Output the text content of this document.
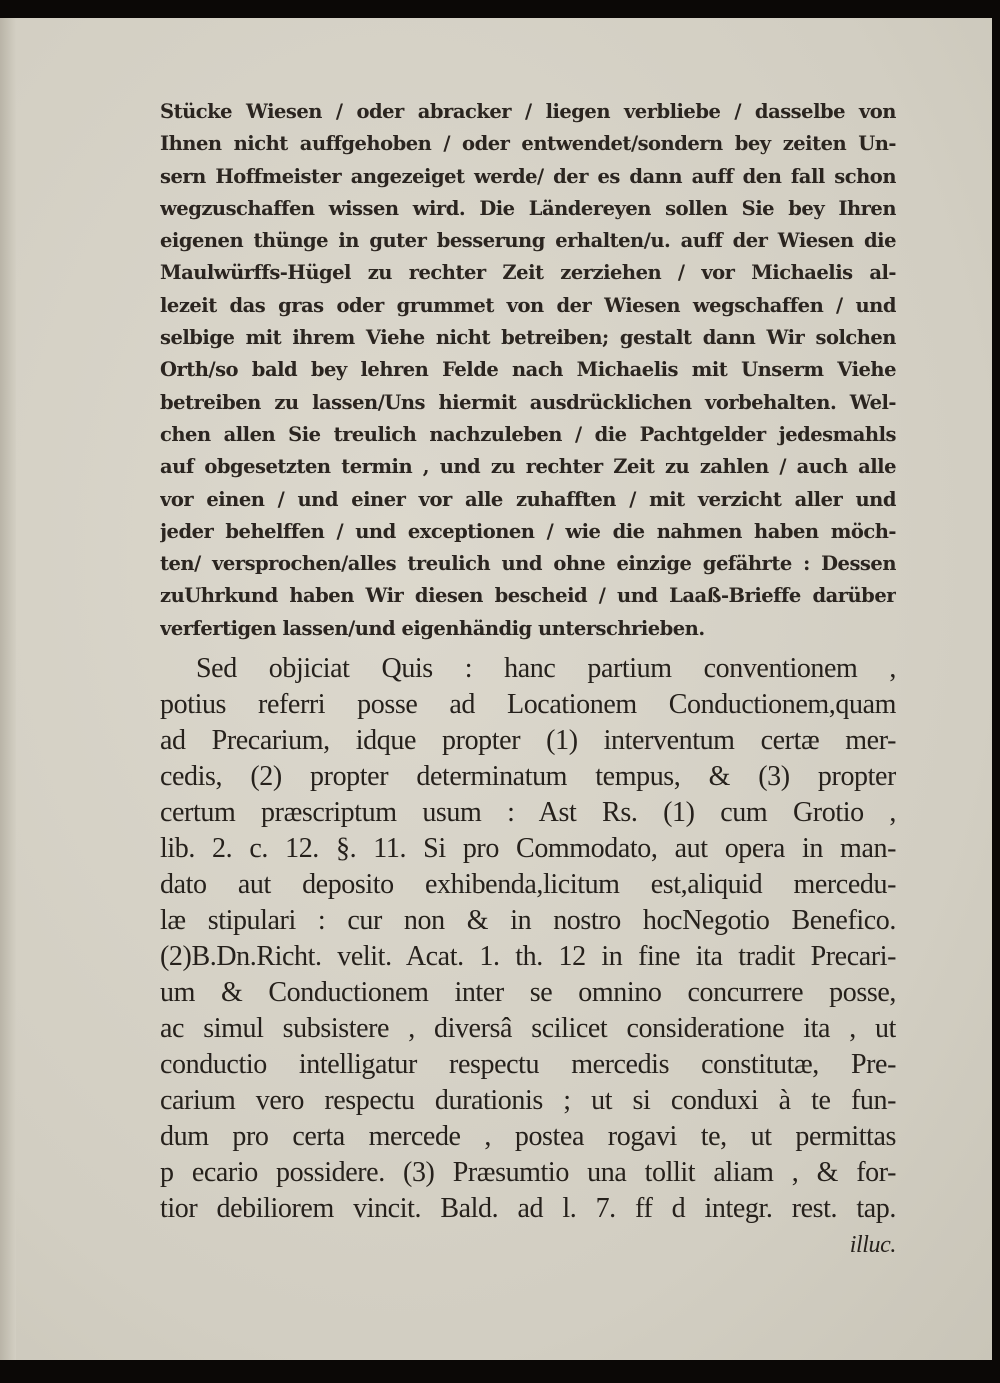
Stücke Wiesen / oder abracker / liegen verbliebe / dasselbe von
Ihnen nicht auffgehoben / oder entwendet/sondern bey zeiten Un-
sern Hoffmeister angezeiget werde/ der es dann auff den fall schon
wegzuschaffen wissen wird. Die Ländereyen sollen Sie bey Ihren
eigenen thünge in guter besserung erhalten/u. auff der Wiesen die
Maulwürffs-Hügel zu rechter Zeit zerziehen / vor Michaelis al-
lezeit das gras oder grummet von der Wiesen wegschaffen / und
selbige mit ihrem Viehe nicht betreiben; gestalt dann Wir solchen
Orth/so bald bey lehren Felde nach Michaelis mit Unserm Viehe
betreiben zu lassen/Uns hiermit ausdrücklichen vorbehalten. Wel-
chen allen Sie treulich nachzuleben / die Pachtgelder jedesmahls
auf obgesetzten termin , und zu rechter Zeit zu zahlen / auch alle
vor einen / und einer vor alle zuhafften / mit verzicht aller und
jeder behelffen / und exceptionen / wie die nahmen haben möch-
ten/ versprochen/alles treulich und ohne einzige gefährte : Dessen
zuUhrkund haben Wir diesen bescheid / und Laaß-Brieffe darüber
verfertigen lassen/und eigenhändig unterschrieben.
Sed objiciat Quis : hanc partium conventionem ,
potius referri posse ad Locationem Conductionem,quam
ad Precarium, idque propter (1) interventum certæ mer-
cedis, (2) propter determinatum tempus, & (3) propter
certum præscriptum usum : Ast Rs. (1) cum Grotio ,
lib. 2. c. 12. §. 11. Si pro Commodato, aut opera in man-
dato aut deposito exhibenda,licitum est,aliquid mercedu-
læ stipulari : cur non & in nostro hocNegotio Benefico.
(2)B.Dn.Richt. velit. Acat. 1. th. 12 in fine ita tradit Precari-
um & Conductionem inter se omnino concurrere posse,
ac simul subsistere , diversâ scilicet consideratione ita , ut
conductio intelligatur respectu mercedis constitutæ, Pre-
carium vero respectu durationis ; ut si conduxi à te fun-
dum pro certa mercede , postea rogavi te, ut permittas
p ecario possidere. (3) Præsumtio una tollit aliam , & for-
tior debiliorem vincit. Bald. ad l. 7. ff d integr. rest. tap.
illuc.
